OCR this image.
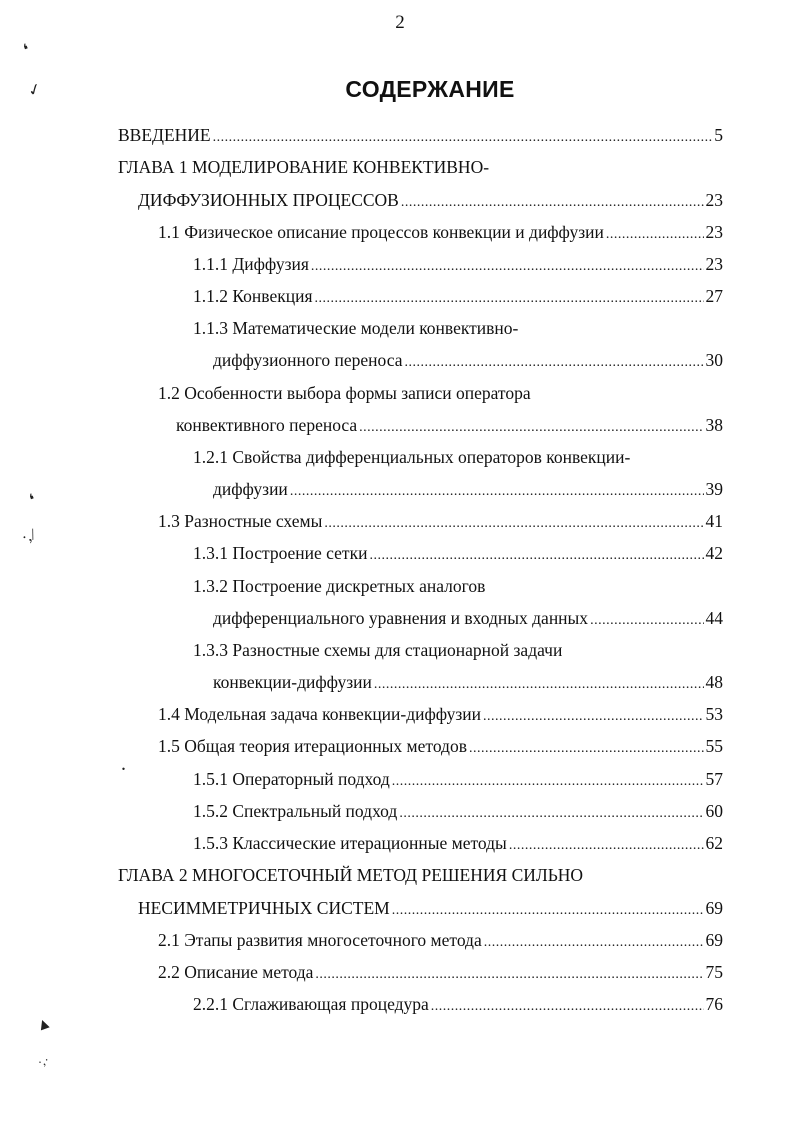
2
СОДЕРЖАНИЕ
❛
✓
❛
·,/
•
▲
·,·
ВВЕДЕНИЕ .....	5
ГЛАВА 1 МОДЕЛИРОВАНИЕ КОНВЕКТИВНО-
ДИФФУЗИОННЫХ ПРОЦЕССОВ .....	23
1.1 Физическое описание процессов конвекции и диффузии .....	23
1.1.1 Диффузия .....	23
1.1.2 Конвекция .....	27
1.1.3 Математические модели конвективно-
диффузионного переноса .....	30
1.2 Особенности выбора формы записи оператора
конвективного переноса .....	38
1.2.1 Свойства дифференциальных операторов конвекции-
диффузии .....	39
1.3 Разностные схемы .....	41
1.3.1 Построение сетки .....	42
1.3.2 Построение дискретных аналогов
дифференциального уравнения и входных данных .....	44
1.3.3 Разностные схемы для стационарной задачи
конвекции-диффузии .....	48
1.4 Модельная задача конвекции-диффузии .....	53
1.5 Общая теория итерационных методов .....	55
1.5.1 Операторный подход .....	57
1.5.2 Спектральный подход .....	60
1.5.3 Классические итерационные методы .....	62
ГЛАВА 2 МНОГОСЕТОЧНЫЙ МЕТОД РЕШЕНИЯ СИЛЬНО
НЕСИММЕТРИЧНЫХ СИСТЕМ .....	69
2.1 Этапы развития многосеточного метода .....	69
2.2 Описание метода .....	75
2.2.1 Сглаживающая процедура .....	76
